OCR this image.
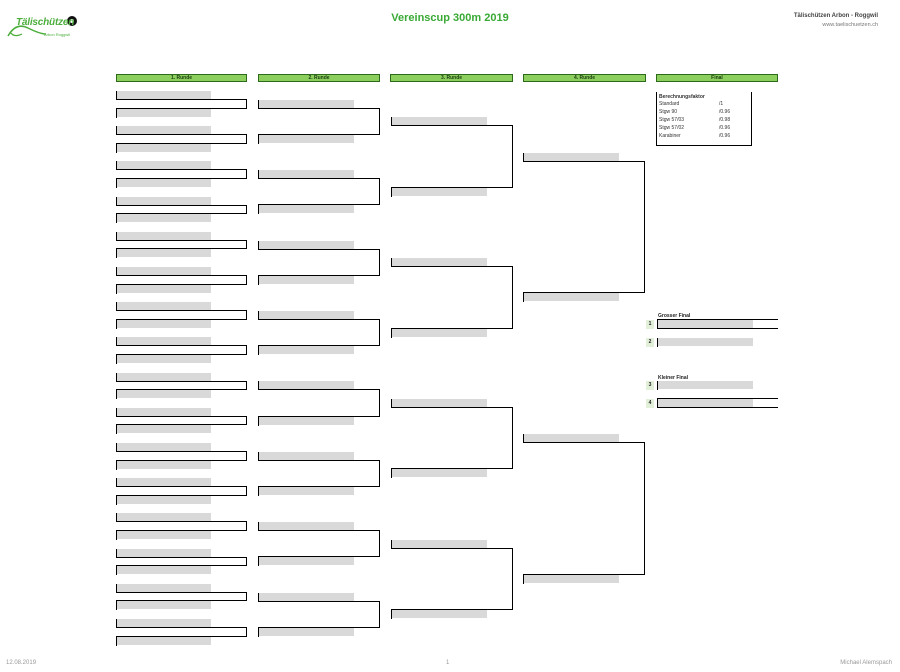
Tälischützen
Arbon Roggwil
Vereinscup 300m 2019	Tälischützen Arbon - Roggwil
www.taelischuetzen.ch
1. Runde	2. Runde	3. Runde	4. Runde	Final
Berechnungsfaktor
Standard	/1
Stgw 90	/0.96
Stgw 57/03	/0.98
Stgw 57/02	/0.96
Karabiner	/0.96
Grosser Final
Kleiner Final
1
2
3
4
12.08.2019	1	Michael Alemspach
